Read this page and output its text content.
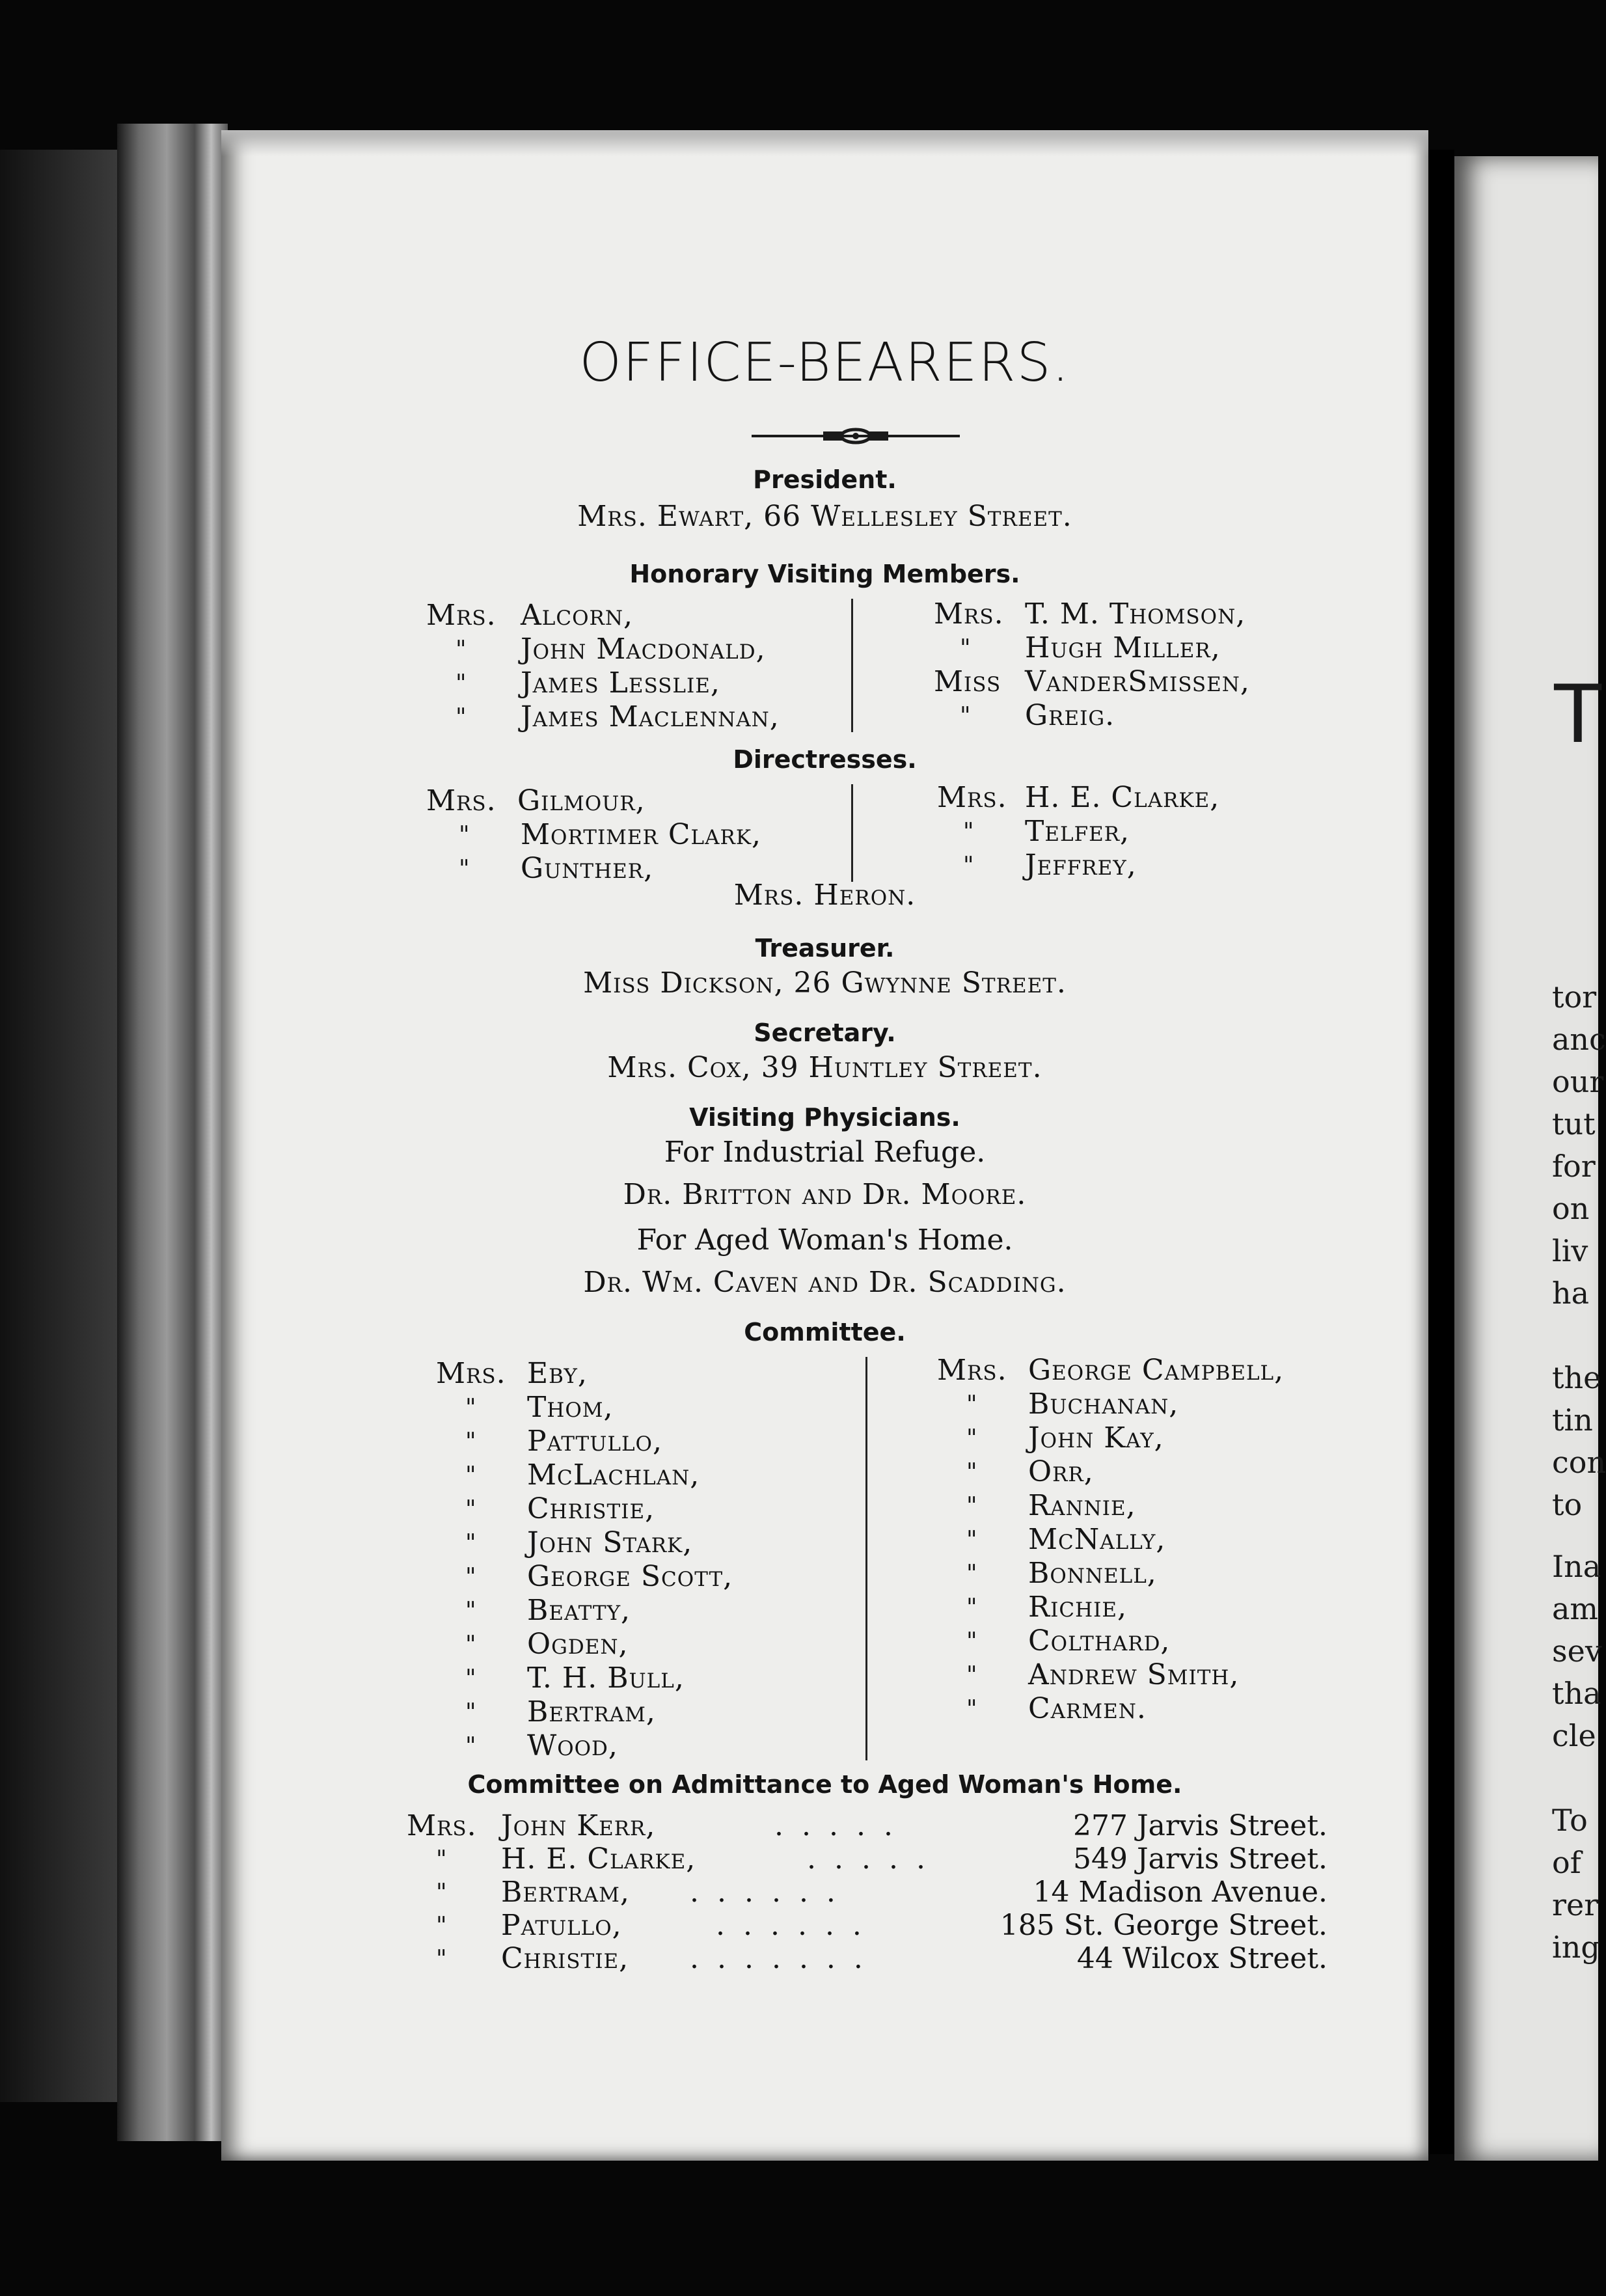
OFFICE-BEARERS.
President.
Mrs. Ewart, 66 Wellesley Street.
Honorary Visiting Members.
Mrs. Alcorn,
" John Macdonald,
" James Lesslie,
" James Maclennan,
Mrs. T. M. Thomson,
" Hugh Miller,
Miss VanderSmissen,
" Greig.
Directresses.
Mrs. Gilmour,
" Mortimer Clark,
" Gunther,
Mrs. H. E. Clarke,
" Telfer,
" Jeffrey,
Mrs. Heron.
Treasurer.
Miss Dickson, 26 Gwynne Street.
Secretary.
Mrs. Cox, 39 Huntley Street.
Visiting Physicians.
For Industrial Refuge.
Dr. Britton and Dr. Moore.
For Aged Woman's Home.
Dr. Wm. Caven and Dr. Scadding.
Committee.
Mrs. Eby,
" Thom,
" Pattullo,
" McLachlan,
" Christie,
" John Stark,
" George Scott,
" Beatty,
" Ogden,
" T. H. Bull,
" Bertram,
" Wood,
Mrs. George Campbell,
" Buchanan,
" John Kay,
" Orr,
" Rannie,
" McNally,
" Bonnell,
" Richie,
" Colthard,
" Andrew Smith,
" Carmen.
Committee on Admittance to Aged Woman's Home.
Mrs. John Kerr,	.....	277 Jarvis Street.
" H. E. Clarke,	.....	549 Jarvis Street.
" Bertram, ......	14 Madison Avenue.
" Patullo,	......	185 St. George Street.
" Christie, .......	44 Wilcox Street.
T
tor
anc
our
tut
for
on
liv
ha
the
tin
con
to
Ina
am
sev
tha
cle
To
of
rer
ing
